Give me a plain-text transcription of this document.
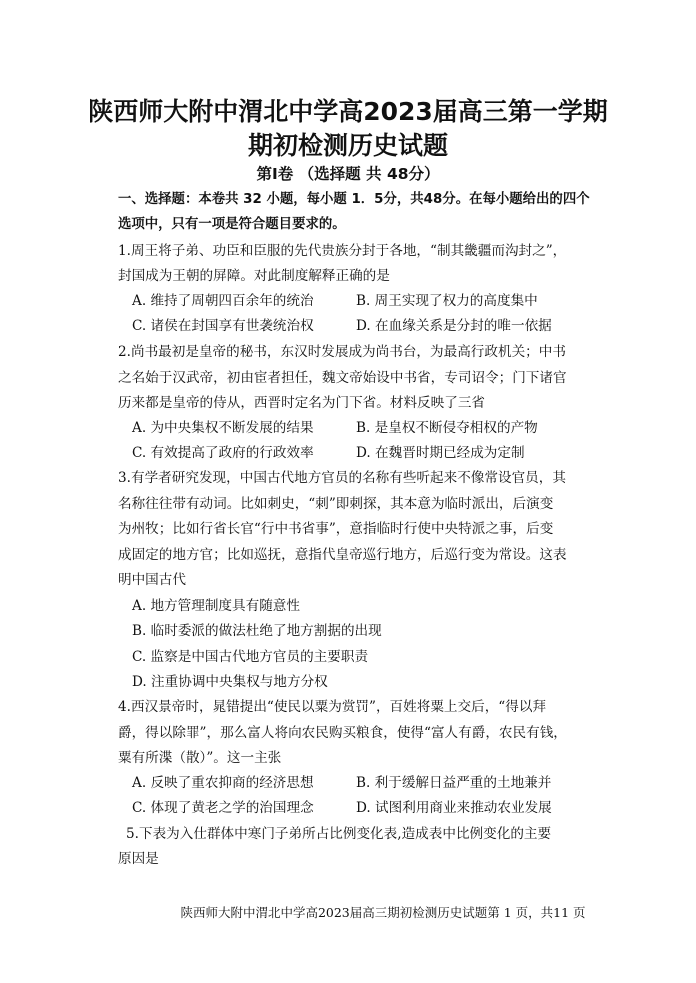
陕西师大附中渭北中学高2023届高三第一学期
期初检测历史试题
第Ⅰ卷 （选择题 共 48分）
一、选择题：本卷共 32 小题，每小题 1．5分，共48分。在每小题给出的四个
选项中，只有一项是符合题目要求的。
1.周王将子弟、功臣和臣服的先代贵族分封于各地，“制其畿疆而沟封之”，
封国成为王朝的屏障。对此制度解释正确的是
A. 维持了周朝四百余年的统治	B. 周王实现了权力的高度集中
C. 诸侯在封国享有世袭统治权	D. 在血缘关系是分封的唯一依据
2.尚书最初是皇帝的秘书，东汉时发展成为尚书台，为最高行政机关；中书
之名始于汉武帝，初由宦者担任，魏文帝始设中书省，专司诏令；门下诸官
历来都是皇帝的侍从，西晋时定名为门下省。材料反映了三省
A. 为中央集权不断发展的结果	B. 是皇权不断侵夺相权的产物
C. 有效提高了政府的行政效率	D. 在魏晋时期已经成为定制
3.有学者研究发现，中国古代地方官员的名称有些听起来不像常设官员，其
名称往往带有动词。比如刺史，“刺”即刺探，其本意为临时派出，后演变
为州牧；比如行省长官“行中书省事”，意指临时行使中央特派之事，后变
成固定的地方官；比如巡抚，意指代皇帝巡行地方，后巡行变为常设。这表
明中国古代
A. 地方管理制度具有随意性
B. 临时委派的做法杜绝了地方割据的出现
C. 监察是中国古代地方官员的主要职责
D. 注重协调中央集权与地方分权
4.西汉景帝时，晁错提出“使民以粟为赏罚”，百姓将粟上交后，“得以拜
爵，得以除罪”，那么富人将向农民购买粮食，使得“富人有爵，农民有钱，
粟有所渫（散）”。这一主张
A. 反映了重农抑商的经济思想	B. 利于缓解日益严重的土地兼并
C. 体现了黄老之学的治国理念	D. 试图利用商业来推动农业发展
5.下表为入仕群体中寒门子弟所占比例变化表,造成表中比例变化的主要
原因是
陕西师大附中渭北中学高2023届高三期初检测历史试题第 1 页，共11 页
